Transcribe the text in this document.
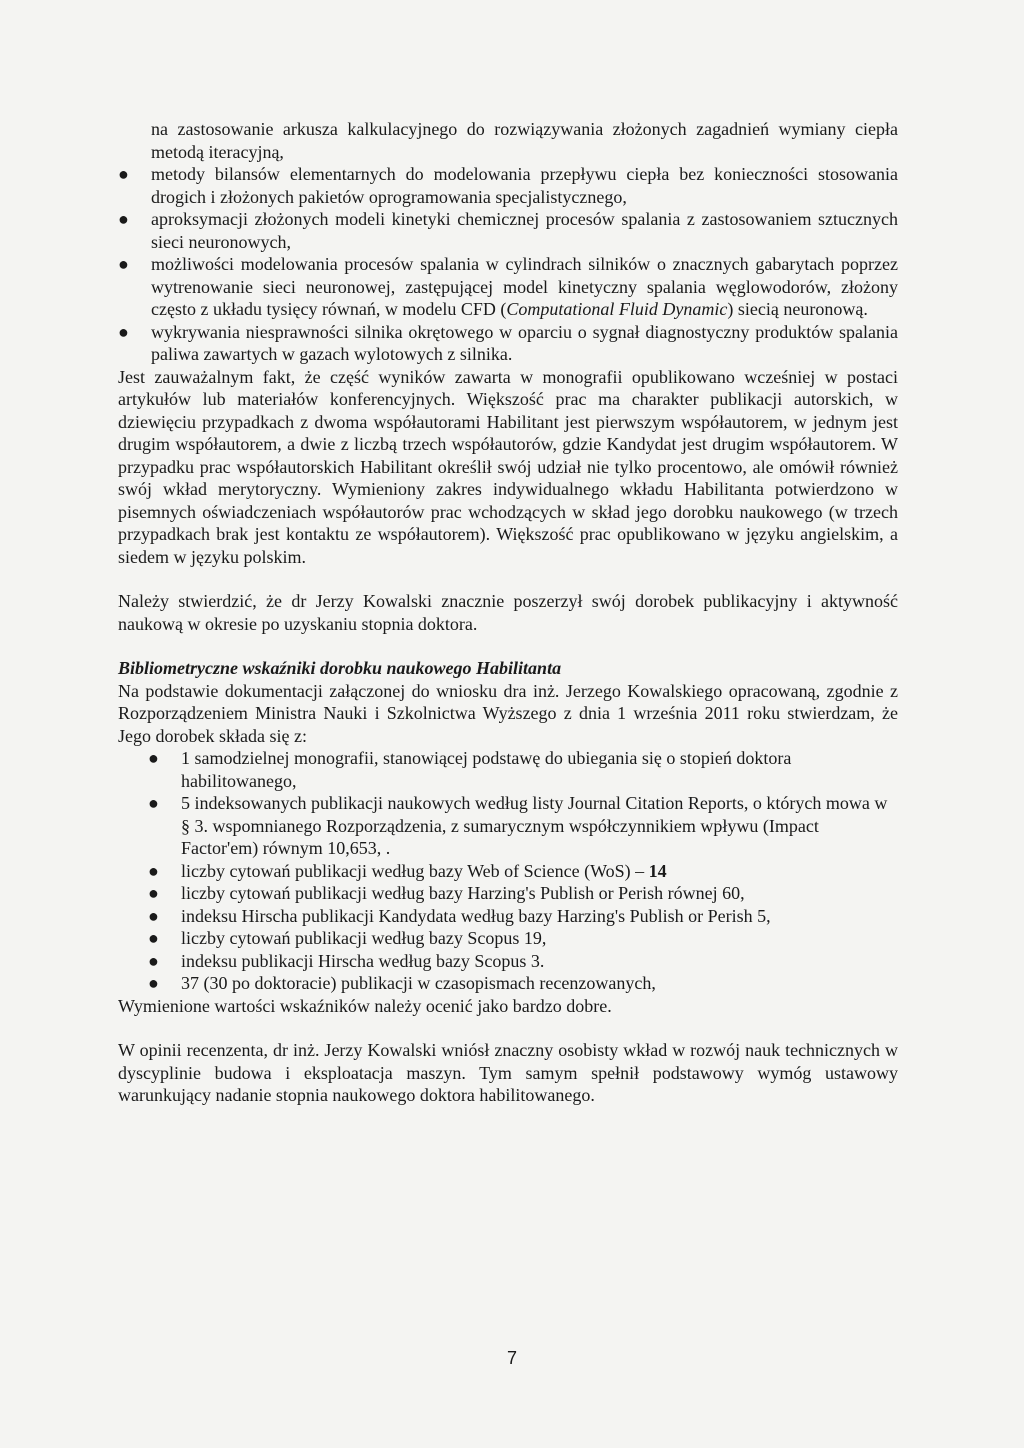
na zastosowanie arkusza kalkulacyjnego do rozwiązywania złożonych zagadnień wymiany ciepła metodą iteracyjną,

● metody bilansów elementarnych do modelowania przepływu ciepła bez konieczności stosowania drogich i złożonych pakietów oprogramowania specjalistycznego,
● aproksymacji złożonych modeli kinetyki chemicznej procesów spalania z zastosowaniem sztucznych sieci neuronowych,
● możliwości modelowania procesów spalania w cylindrach silników o znacznych gabarytach poprzez wytrenowanie sieci neuronowej, zastępującej model kinetyczny spalania węglowodorów, złożony często z układu tysięcy równań, w modelu CFD (Computational Fluid Dynamic) siecią neuronową.
● wykrywania niesprawności silnika okrętowego w oparciu o sygnał diagnostyczny produktów spalania paliwa zawartych w gazach wylotowych z silnika.

Jest zauważalnym fakt, że część wyników zawarta w monografii opublikowano wcześniej w postaci artykułów lub materiałów konferencyjnych. Większość prac ma charakter publikacji autorskich, w dziewięciu przypadkach z dwoma współautorami Habilitant jest pierwszym współautorem, w jednym jest drugim współautorem, a dwie z liczbą trzech współautorów, gdzie Kandydat jest drugim współautorem. W przypadku prac współautorskich Habilitant określił swój udział nie tylko procentowo, ale omówił również swój wkład merytoryczny. Wymieniony zakres indywidualnego wkładu Habilitanta potwierdzono w pisemnych oświadczeniach współautorów prac wchodzących w skład jego dorobku naukowego (w trzech przypadkach brak jest kontaktu ze współautorem). Większość prac opublikowano w języku angielskim, a siedem w języku polskim.

Należy stwierdzić, że dr Jerzy Kowalski znacznie poszerzył swój dorobek publikacyjny i aktywność naukową w okresie po uzyskaniu stopnia doktora.

Bibliometryczne wskaźniki dorobku naukowego Habilitanta

Na podstawie dokumentacji załączonej do wniosku dra inż. Jerzego Kowalskiego opracowaną, zgodnie z Rozporządzeniem Ministra Nauki i Szkolnictwa Wyższego z dnia 1 września 2011 roku stwierdzam, że Jego dorobek składa się z:

● 1 samodzielnej monografii, stanowiącej podstawę do ubiegania się o stopień doktora habilitowanego,
● 5 indeksowanych publikacji naukowych według listy Journal Citation Reports, o których mowa w § 3. wspomnianego Rozporządzenia, z sumarycznym współczynnikiem wpływu (Impact Factor'em) równym 10,653, .
● liczby cytowań publikacji według bazy Web of Science (WoS) – 14
● liczby cytowań publikacji według bazy Harzing's Publish or Perish równej 60,
● indeksu Hirscha publikacji Kandydata według bazy Harzing's Publish or Perish 5,
● liczby cytowań publikacji według bazy Scopus 19,
● indeksu publikacji Hirscha według bazy Scopus 3.
● 37 (30 po doktoracie) publikacji w czasopismach recenzowanych,

Wymienione wartości wskaźników należy ocenić jako bardzo dobre.

W opinii recenzenta, dr inż. Jerzy Kowalski wniósł znaczny osobisty wkład w rozwój nauk technicznych w dyscyplinie budowa i eksploatacja maszyn. Tym samym spełnił podstawowy wymóg ustawowy warunkujący nadanie stopnia naukowego doktora habilitowanego.

7
